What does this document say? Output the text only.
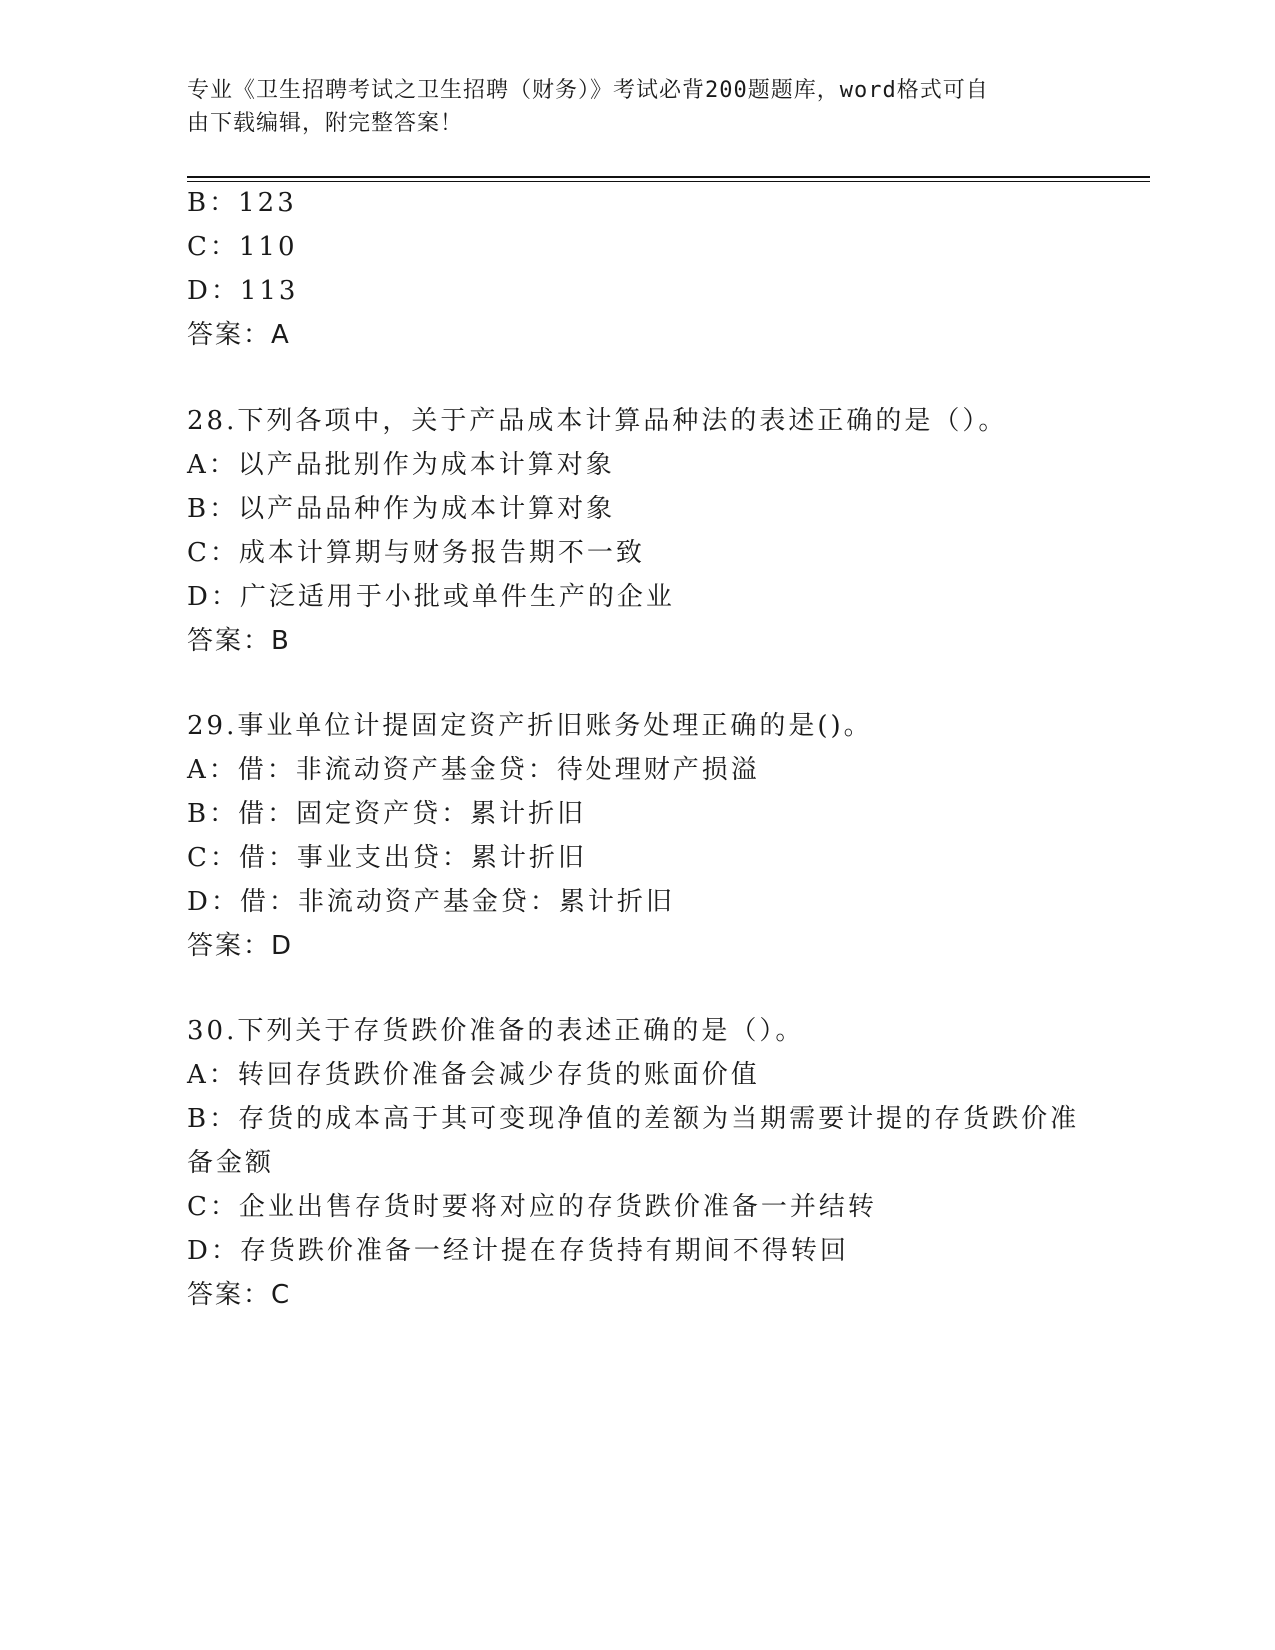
专业《卫生招聘考试之卫生招聘（财务）》考试必背200题题库，word格式可自
由下载编辑，附完整答案！
B：123
C：110
D：113
答案：A
28.下列各项中，关于产品成本计算品种法的表述正确的是（）。
A：以产品批别作为成本计算对象
B：以产品品种作为成本计算对象
C：成本计算期与财务报告期不一致
D：广泛适用于小批或单件生产的企业
答案：B
29.事业单位计提固定资产折旧账务处理正确的是()。
A：借：非流动资产基金贷：待处理财产损溢
B：借：固定资产贷：累计折旧
C：借：事业支出贷：累计折旧
D：借：非流动资产基金贷：累计折旧
答案：D
30.下列关于存货跌价准备的表述正确的是（）。
A：转回存货跌价准备会减少存货的账面价值
B：存货的成本高于其可变现净值的差额为当期需要计提的存货跌价准
备金额
C：企业出售存货时要将对应的存货跌价准备一并结转
D：存货跌价准备一经计提在存货持有期间不得转回
答案：C
